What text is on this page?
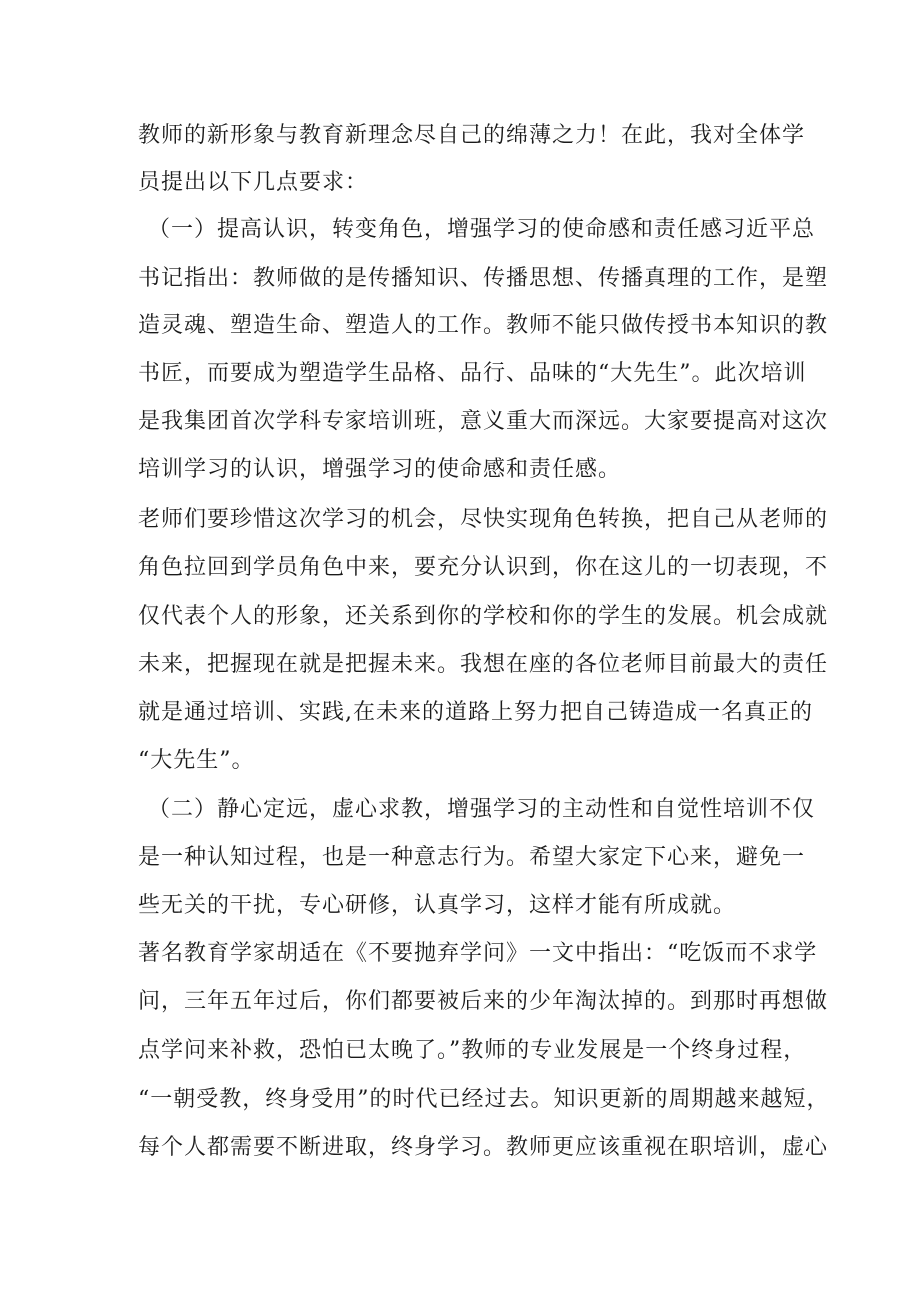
教师的新形象与教育新理念尽自己的绵薄之力！在此，我对全体学
员提出以下几点要求：
（一）提高认识，转变角色，增强学习的使命感和责任感习近平总
书记指出：教师做的是传播知识、传播思想、传播真理的工作，是塑
造灵魂、塑造生命、塑造人的工作。教师不能只做传授书本知识的教
书匠，而要成为塑造学生品格、品行、品味的“大先生”。此次培训
是我集团首次学科专家培训班，意义重大而深远。大家要提高对这次
培训学习的认识，增强学习的使命感和责任感。
老师们要珍惜这次学习的机会，尽快实现角色转换，把自己从老师的
角色拉回到学员角色中来，要充分认识到，你在这儿的一切表现，不
仅代表个人的形象，还关系到你的学校和你的学生的发展。机会成就
未来，把握现在就是把握未来。我想在座的各位老师目前最大的责任
就是通过培训、实践,在未来的道路上努力把自己铸造成一名真正的
“大先生”。
（二）静心定远，虚心求教，增强学习的主动性和自觉性培训不仅
是一种认知过程，也是一种意志行为。希望大家定下心来，避免一
些无关的干扰，专心研修，认真学习，这样才能有所成就。
著名教育学家胡适在《不要抛弃学问》一文中指出：“吃饭而不求学
问，三年五年过后，你们都要被后来的少年淘汰掉的。到那时再想做
点学问来补救，恐怕已太晚了。”教师的专业发展是一个终身过程，
“一朝受教，终身受用”的时代已经过去。知识更新的周期越来越短，
每个人都需要不断进取，终身学习。教师更应该重视在职培训，虚心
